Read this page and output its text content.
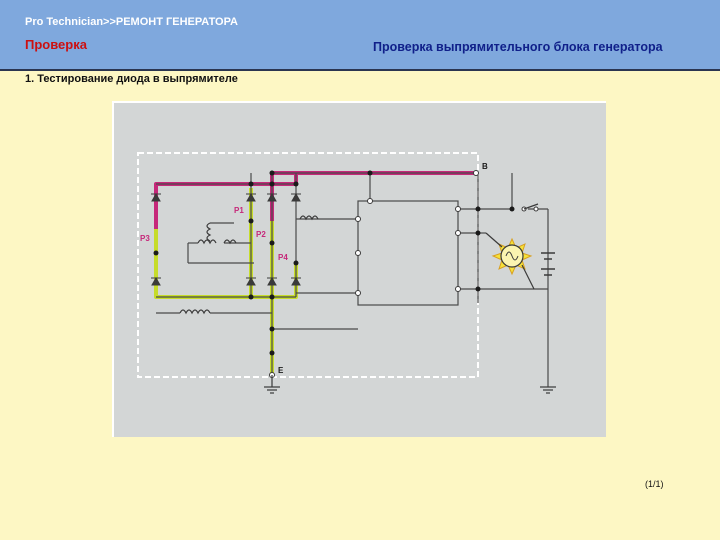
Pro Technician>>РЕМОНТ ГЕНЕРАТОРА
Проверка	Проверка выпрямительного блока генератора
1. Тестирование диода в выпрямителе
B
E
P1
P2
P3
P4
(1/1)
